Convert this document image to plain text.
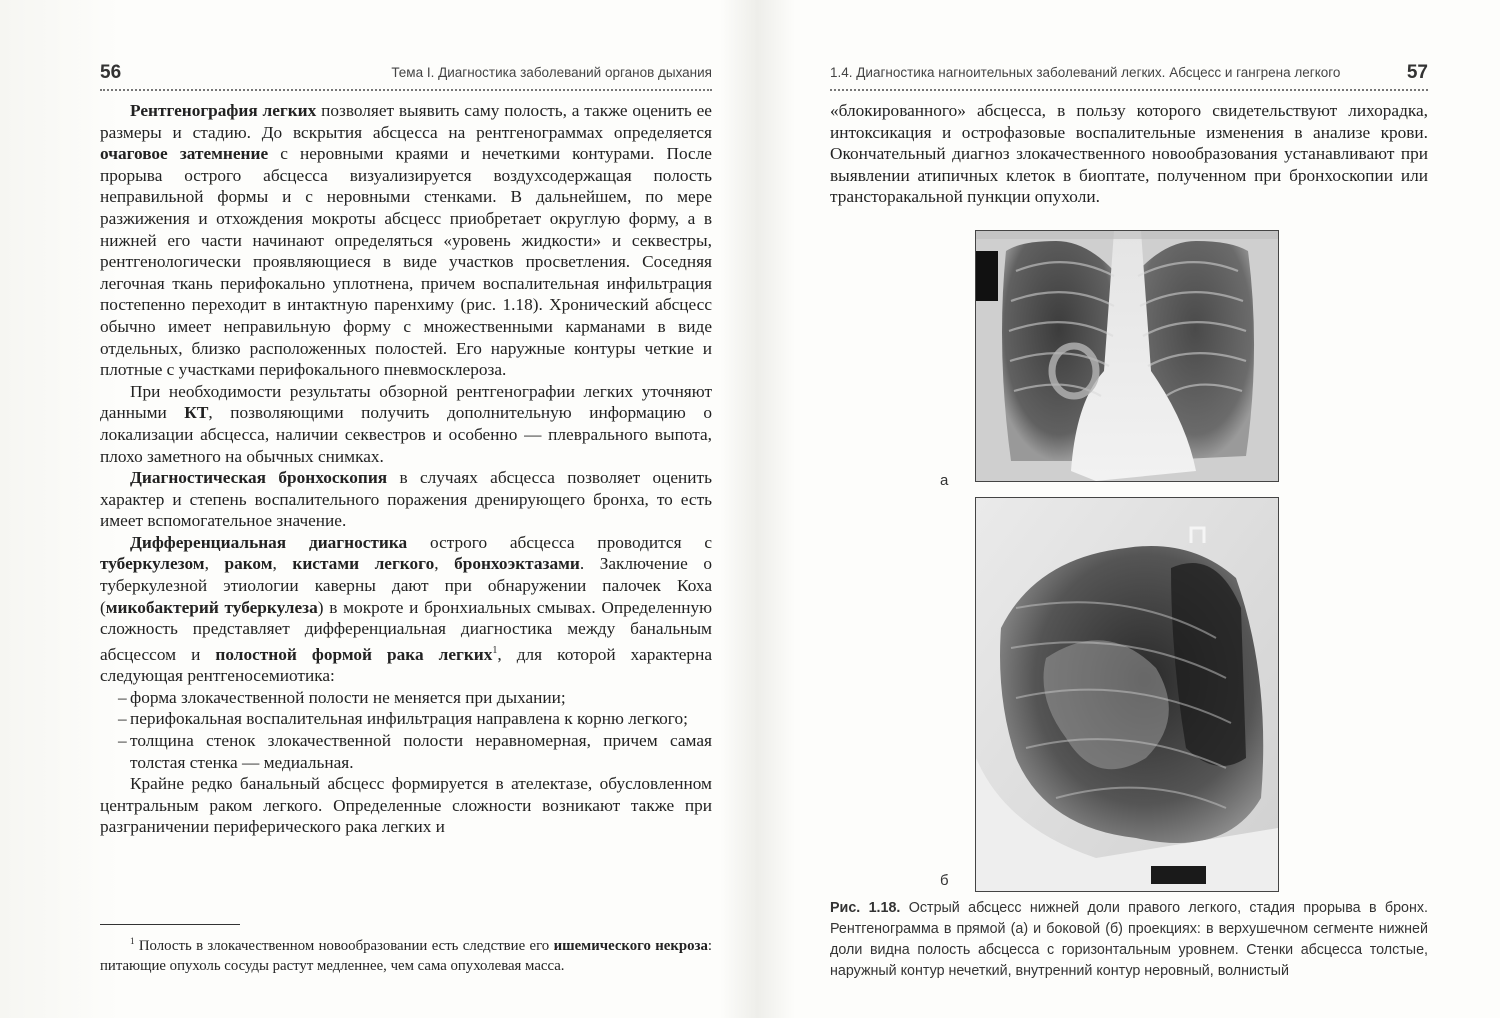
56	Тема I. Диагностика заболеваний органов дыхания

Рентгенография легких позволяет выявить саму полость, а также оценить ее размеры и стадию. До вскрытия абсцесса на рентгенограммах определяется очаговое затемнение с неровными краями и нечеткими контурами. После прорыва острого абсцесса визуализируется воздухсодержащая полость неправильной формы и с неровными стенками. В дальнейшем, по мере разжижения и отхождения мокроты абсцесс приобретает округлую форму, а в нижней его части начинают определяться «уровень жидкости» и секвестры, рентгенологически проявляющиеся в виде участков просветления. Соседняя легочная ткань перифокально уплотнена, причем воспалительная инфильтрация постепенно переходит в интактную паренхиму (рис. 1.18). Хронический абсцесс обычно имеет неправильную форму с множественными карманами в виде отдельных, близко расположенных полостей. Его наружные контуры четкие и плотные с участками перифокального пневмосклероза.

При необходимости результаты обзорной рентгенографии легких уточняют данными КТ, позволяющими получить дополнительную информацию о локализации абсцесса, наличии секвестров и особенно — плеврального выпота, плохо заметного на обычных снимках.

Диагностическая бронхоскопия в случаях абсцесса позволяет оценить характер и степень воспалительного поражения дренирующего бронха, то есть имеет вспомогательное значение.

Дифференциальная диагностика острого абсцесса проводится с туберкулезом, раком, кистами легкого, бронхоэктазами. Заключение о туберкулезной этиологии каверны дают при обнаружении палочек Коха (микобактерий туберкулеза) в мокроте и бронхиальных смывах. Определенную сложность представляет дифференциальная диагностика между банальным абсцессом и полостной формой рака легких$^1$, для которой характерна следующая рентгеносемиотика:

– форма злокачественной полости не меняется при дыхании;
– перифокальная воспалительная инфильтрация направлена к корню легкого;
– толщина стенок злокачественной полости неравномерная, причем самая толстая стенка — медиальная.

Крайне редко банальный абсцесс формируется в ателектазе, обусловленном центральным раком легкого. Определенные сложности возникают также при разграничении периферического рака легких и

$^1$ Полость в злокачественном новообразовании есть следствие его ишемического некроза: питающие опухоль сосуды растут медленнее, чем сама опухолевая масса.

1.4. Диагностика нагноительных заболеваний легких. Абсцесс и гангрена легкого	57

«блокированного» абсцесса, в пользу которого свидетельствуют лихорадка, интоксикация и острофазовые воспалительные изменения в анализе крови. Окончательный диагноз злокачественного новообразования устанавливают при выявлении атипичных клеток в биоптате, полученном при бронхоскопии или трансторакальной пункции опухоли.

а
б
Рис. 1.18. Острый абсцесс нижней доли правого легкого, стадия прорыва в бронх. Рентгенограмма в прямой (а) и боковой (б) проекциях: в верхушечном сегменте нижней доли видна полость абсцесса с горизонтальным уровнем. Стенки абсцесса толстые, наружный контур нечеткий, внутренний контур неровный, волнистый
